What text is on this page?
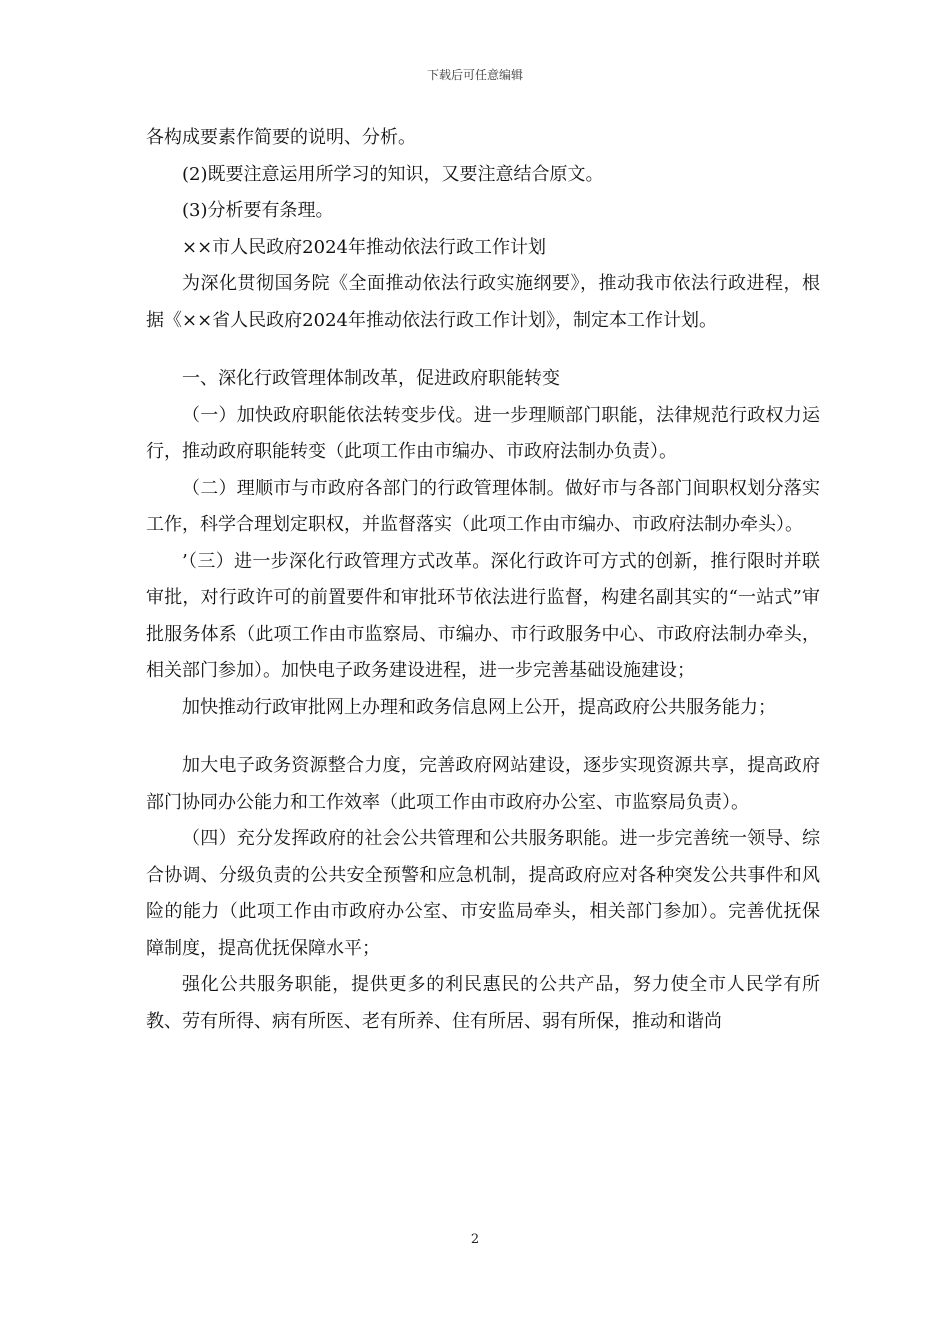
下载后可任意编辑

各构成要素作简要的说明、分析。

(2)既要注意运用所学习的知识，又要注意结合原文。

(3)分析要有条理。

××市人民政府2024年推动依法行政工作计划

为深化贯彻国务院《全面推动依法行政实施纲要》，推动我市依法行政进程，根据《××省人民政府2024年推动依法行政工作计划》，制定本工作计划。

一、深化行政管理体制改革，促进政府职能转变

（一）加快政府职能依法转变步伐。进一步理顺部门职能，法律规范行政权力运行，推动政府职能转变（此项工作由市编办、市政府法制办负责）。

（二）理顺市与市政府各部门的行政管理体制。做好市与各部门间职权划分落实工作，科学合理划定职权，并监督落实（此项工作由市编办、市政府法制办牵头）。

’（三）进一步深化行政管理方式改革。深化行政许可方式的创新，推行限时并联审批，对行政许可的前置要件和审批环节依法进行监督，构建名副其实的“一站式”审批服务体系（此项工作由市监察局、市编办、市行政服务中心、市政府法制办牵头，相关部门参加）。加快电子政务建设进程，进一步完善基础设施建设；

加快推动行政审批网上办理和政务信息网上公开，提高政府公共服务能力；

加大电子政务资源整合力度，完善政府网站建设，逐步实现资源共享，提高政府部门协同办公能力和工作效率（此项工作由市政府办公室、市监察局负责）。

（四）充分发挥政府的社会公共管理和公共服务职能。进一步完善统一领导、综合协调、分级负责的公共安全预警和应急机制，提高政府应对各种突发公共事件和风险的能力（此项工作由市政府办公室、市安监局牵头，相关部门参加）。完善优抚保障制度，提高优抚保障水平；

强化公共服务职能，提供更多的利民惠民的公共产品，努力使全市人民学有所教、劳有所得、病有所医、老有所养、住有所居、弱有所保，推动和谐尚

2
